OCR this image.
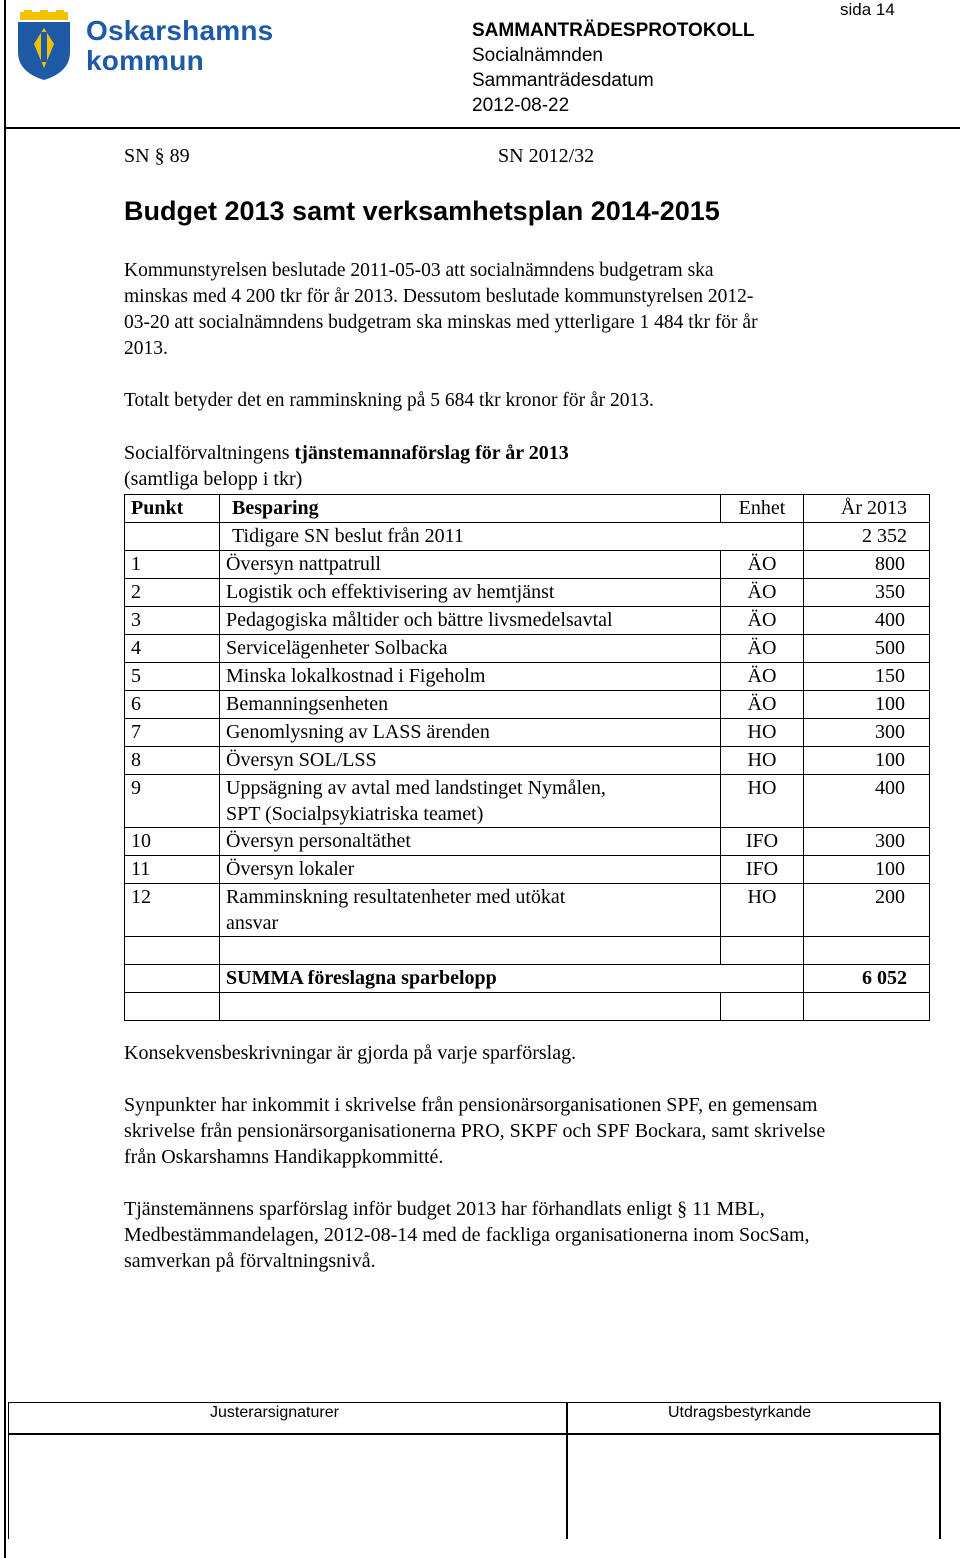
Oskarshamns
kommun
sida 14
SAMMANTRÄDESPROTOKOLL
Socialnämnden
Sammanträdesdatum
2012-08-22
SN § 89	SN 2012/32
Budget 2013 samt verksamhetsplan 2014-2015
Kommunstyrelsen beslutade 2011-05-03 att socialnämndens budgetram ska
minskas med 4 200 tkr för år 2013. Dessutom beslutade kommunstyrelsen 2012-
03-20 att socialnämndens budgetram ska minskas med ytterligare 1 484 tkr för år
2013.
Totalt betyder det en ramminskning på 5 684 tkr kronor för år 2013.
Socialförvaltningens tjänstemannaförslag för år 2013
(samtliga belopp i tkr)
Punkt	Besparing	Enhet	År 2013
	Tidigare SN beslut från 2011		2 352
1	Översyn nattpatrull	ÄO	800
2	Logistik och effektivisering av hemtjänst	ÄO	350
3	Pedagogiska måltider och bättre livsmedelsavtal	ÄO	400
4	Servicelägenheter Solbacka	ÄO	500
5	Minska lokalkostnad i Figeholm	ÄO	150
6	Bemanningsenheten	ÄO	100
7	Genomlysning av LASS ärenden	HO	300
8	Översyn SOL/LSS	HO	100
9	Uppsägning av avtal med landstinget Nymålen,
SPT (Socialpsykiatriska teamet)	HO	400
10	Översyn personaltäthet	IFO	300
11	Översyn lokaler	IFO	100
12	Ramminskning resultatenheter med utökat
ansvar	HO	200

	SUMMA föreslagna sparbelopp		6 052

Konsekvensbeskrivningar är gjorda på varje sparförslag.
Synpunkter har inkommit i skrivelse från pensionärsorganisationen SPF, en gemensam
skrivelse från pensionärsorganisationerna PRO, SKPF och SPF Bockara, samt skrivelse
från Oskarshamns Handikappkommitté.
Tjänstemännens sparförslag inför budget 2013 har förhandlats enligt § 11 MBL,
Medbestämmandelagen, 2012-08-14 med de fackliga organisationerna inom SocSam,
samverkan på förvaltningsnivå.
Justerarsignaturer	Utdragsbestyrkande
